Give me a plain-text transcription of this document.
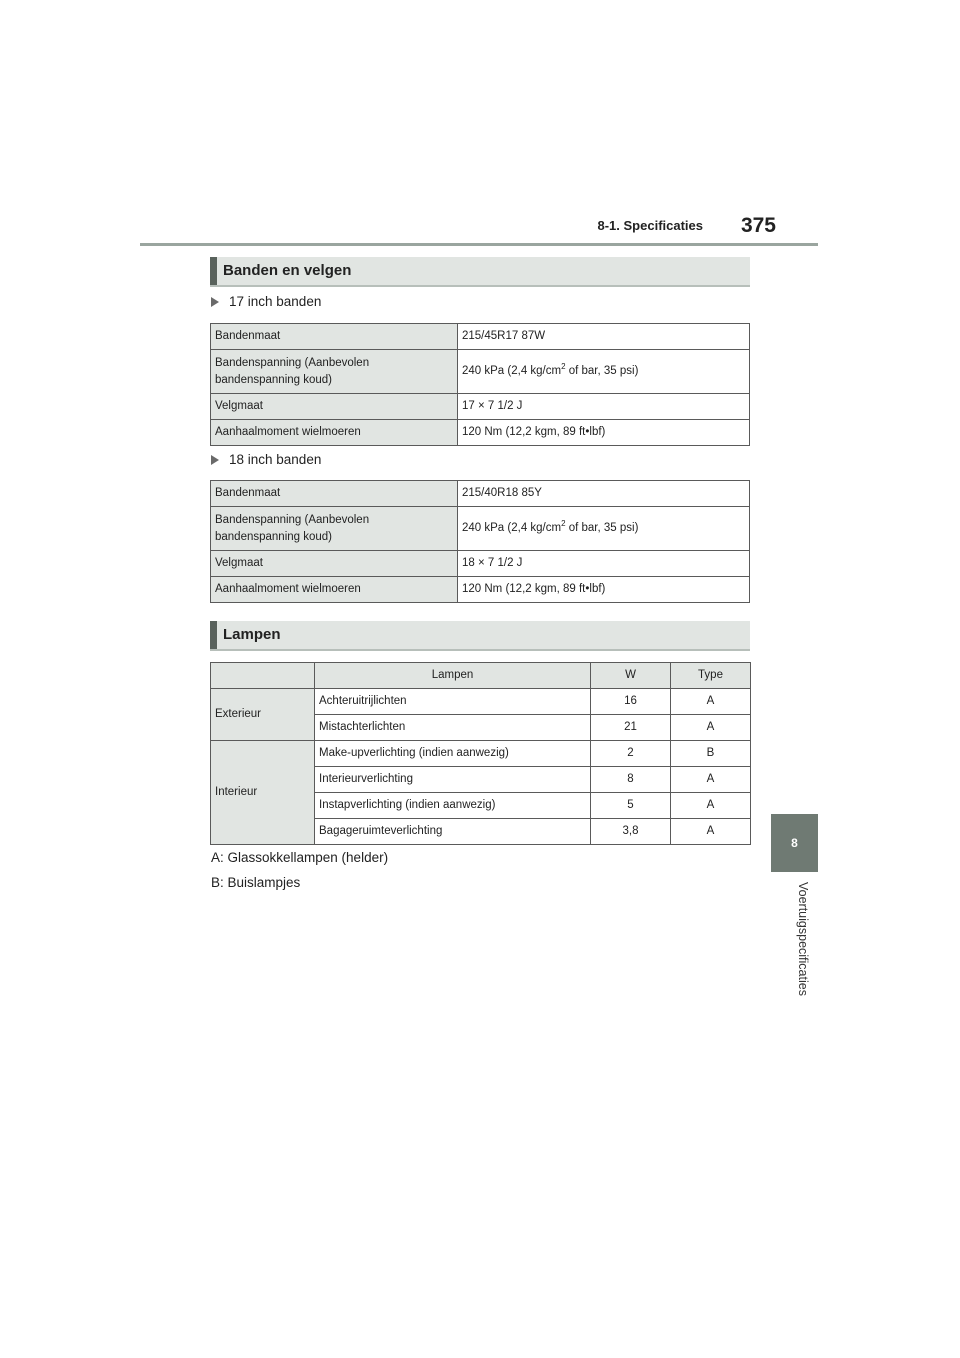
8-1. Specificaties	375
8
Voertuigspecificaties
Banden en velgen
17 inch banden
Bandenmaat	215/45R17 87W
Bandenspanning (Aanbevolen
bandenspanning koud)	240 kPa (2,4 $kg/cm^2$ of bar, 35 psi)
Velgmaat	17 × 7 1/2 J
Aanhaalmoment wielmoeren	120 Nm (12,2 kgm, 89 ft•lbf)
18 inch banden
Bandenmaat	215/40R18 85Y
Bandenspanning (Aanbevolen
bandenspanning koud)	240 kPa (2,4 $kg/cm^2$ of bar, 35 psi)
Velgmaat	18 × 7 1/2 J
Aanhaalmoment wielmoeren	120 Nm (12,2 kgm, 89 ft•lbf)
Lampen
	Lampen	W	Type
Exterieur	Achteruitrijlichten	16	A
	Mistachterlichten	21	A
Interieur	Make-upverlichting (indien aanwezig)	2	B
	Interieurverlichting	8	A
	Instapverlichting (indien aanwezig)	5	A
	Bagageruimteverlichting	3,8	A
A: Glassokkellampen (helder)
B: Buislampjes
